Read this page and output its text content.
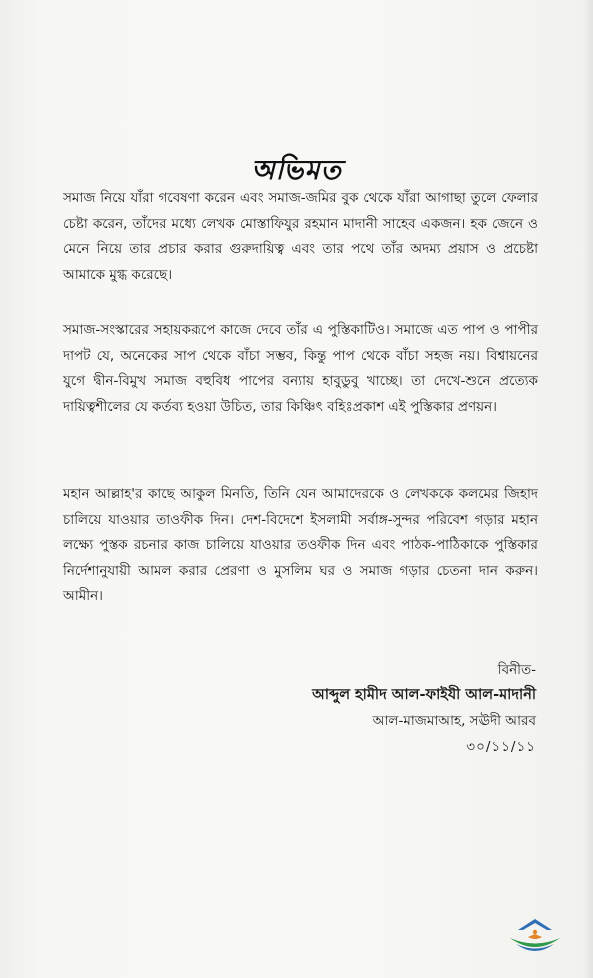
অভিমত

সমাজ নিয়ে যাঁরা গবেষণা করেন এবং সমাজ-জমির বুক থেকে যাঁরা আগাছা তুলে ফেলার চেষ্টা করেন, তাঁদের মধ্যে লেখক মোস্তাফিযুর রহমান মাদানী সাহেব একজন। হক জেনে ও মেনে নিয়ে তার প্রচার করার গুরুদায়িত্ব এবং তার পথে তাঁর অদম্য প্রয়াস ও প্রচেষ্টা আমাকে মুগ্ধ করেছে।

সমাজ-সংস্কারের সহায়করূপে কাজে দেবে তাঁর এ পুস্তিকাটিও। সমাজে এত পাপ ও পাপীর দাপট যে, অনেকের সাপ থেকে বাঁচা সম্ভব, কিন্তু পাপ থেকে বাঁচা সহজ নয়। বিশ্বায়নের যুগে দ্বীন-বিমুখ সমাজ বহুবিধ পাপের বন্যায় হাবুডুবু খাচ্ছে। তা দেখে-শুনে প্রত্যেক দায়িত্বশীলের যে কর্তব্য হওয়া উচিত, তার কিঞ্চিৎ বহিঃপ্রকাশ এই পুস্তিকার প্রণয়ন।

মহান আল্লাহ'র কাছে আকুল মিনতি, তিনি যেন আমাদেরকে ও লেখককে কলমের জিহাদ চালিয়ে যাওয়ার তাওফীক দিন। দেশ-বিদেশে ইসলামী সর্বাঙ্গ-সুন্দর পরিবেশ গড়ার মহান লক্ষ্যে পুস্তক রচনার কাজ চালিয়ে যাওয়ার তওফীক দিন এবং পাঠক-পাঠিকাকে পুস্তিকার নির্দেশানুযায়ী আমল করার প্রেরণা ও মুসলিম ঘর ও সমাজ গড়ার চেতনা দান করুন। আমীন।

বিনীত-
আব্দুল হামীদ আল-ফাইযী আল-মাদানী
আল-মাজমাআহ, সঊদী আরব
৩০/১১/১১
